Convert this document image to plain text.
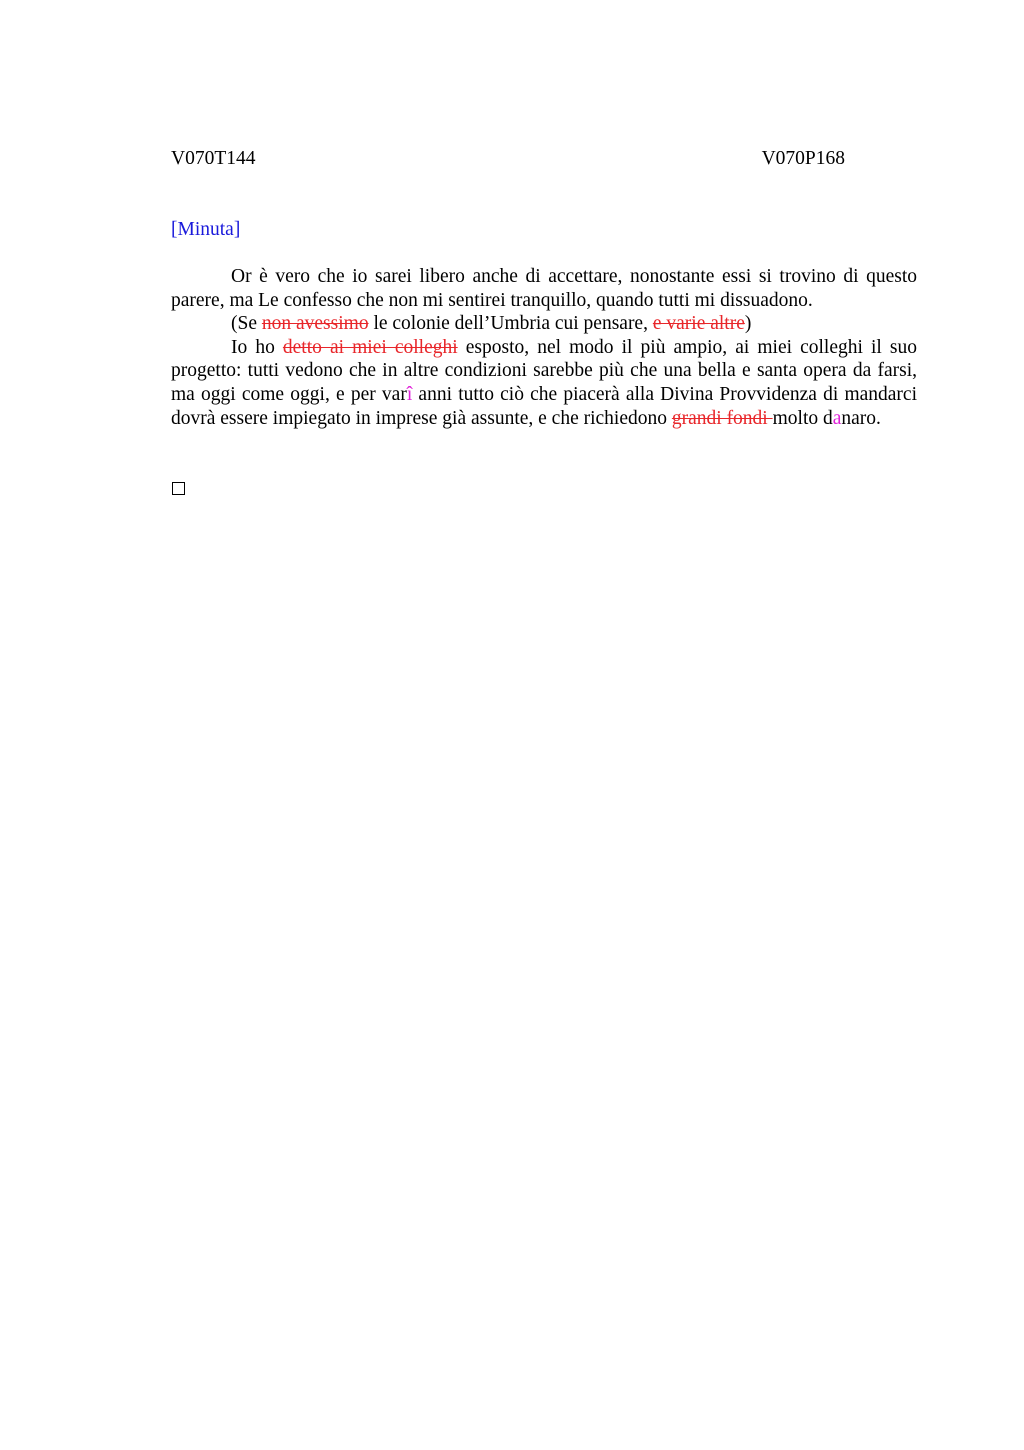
V070T144	V070P168
[Minuta]

Or è vero che io sarei libero anche di accettare, nonostante essi si trovino di questo parere, ma Le confesso che non mi sentirei tranquillo, quando tutti mi dissuadono.

(Se non avessimo le colonie dell’Umbria cui pensare, e varie altre)

Io ho detto ai miei colleghi esposto, nel modo il più ampio, ai miei colleghi il suo progetto: tutti vedono che in altre condizioni sarebbe più che una bella e santa opera da farsi, ma oggi come oggi, e per varî anni tutto ciò che piacerà alla Divina Provvidenza di mandarci dovrà essere impiegato in imprese già assunte, e che richiedono grandi fondi molto danaro.
